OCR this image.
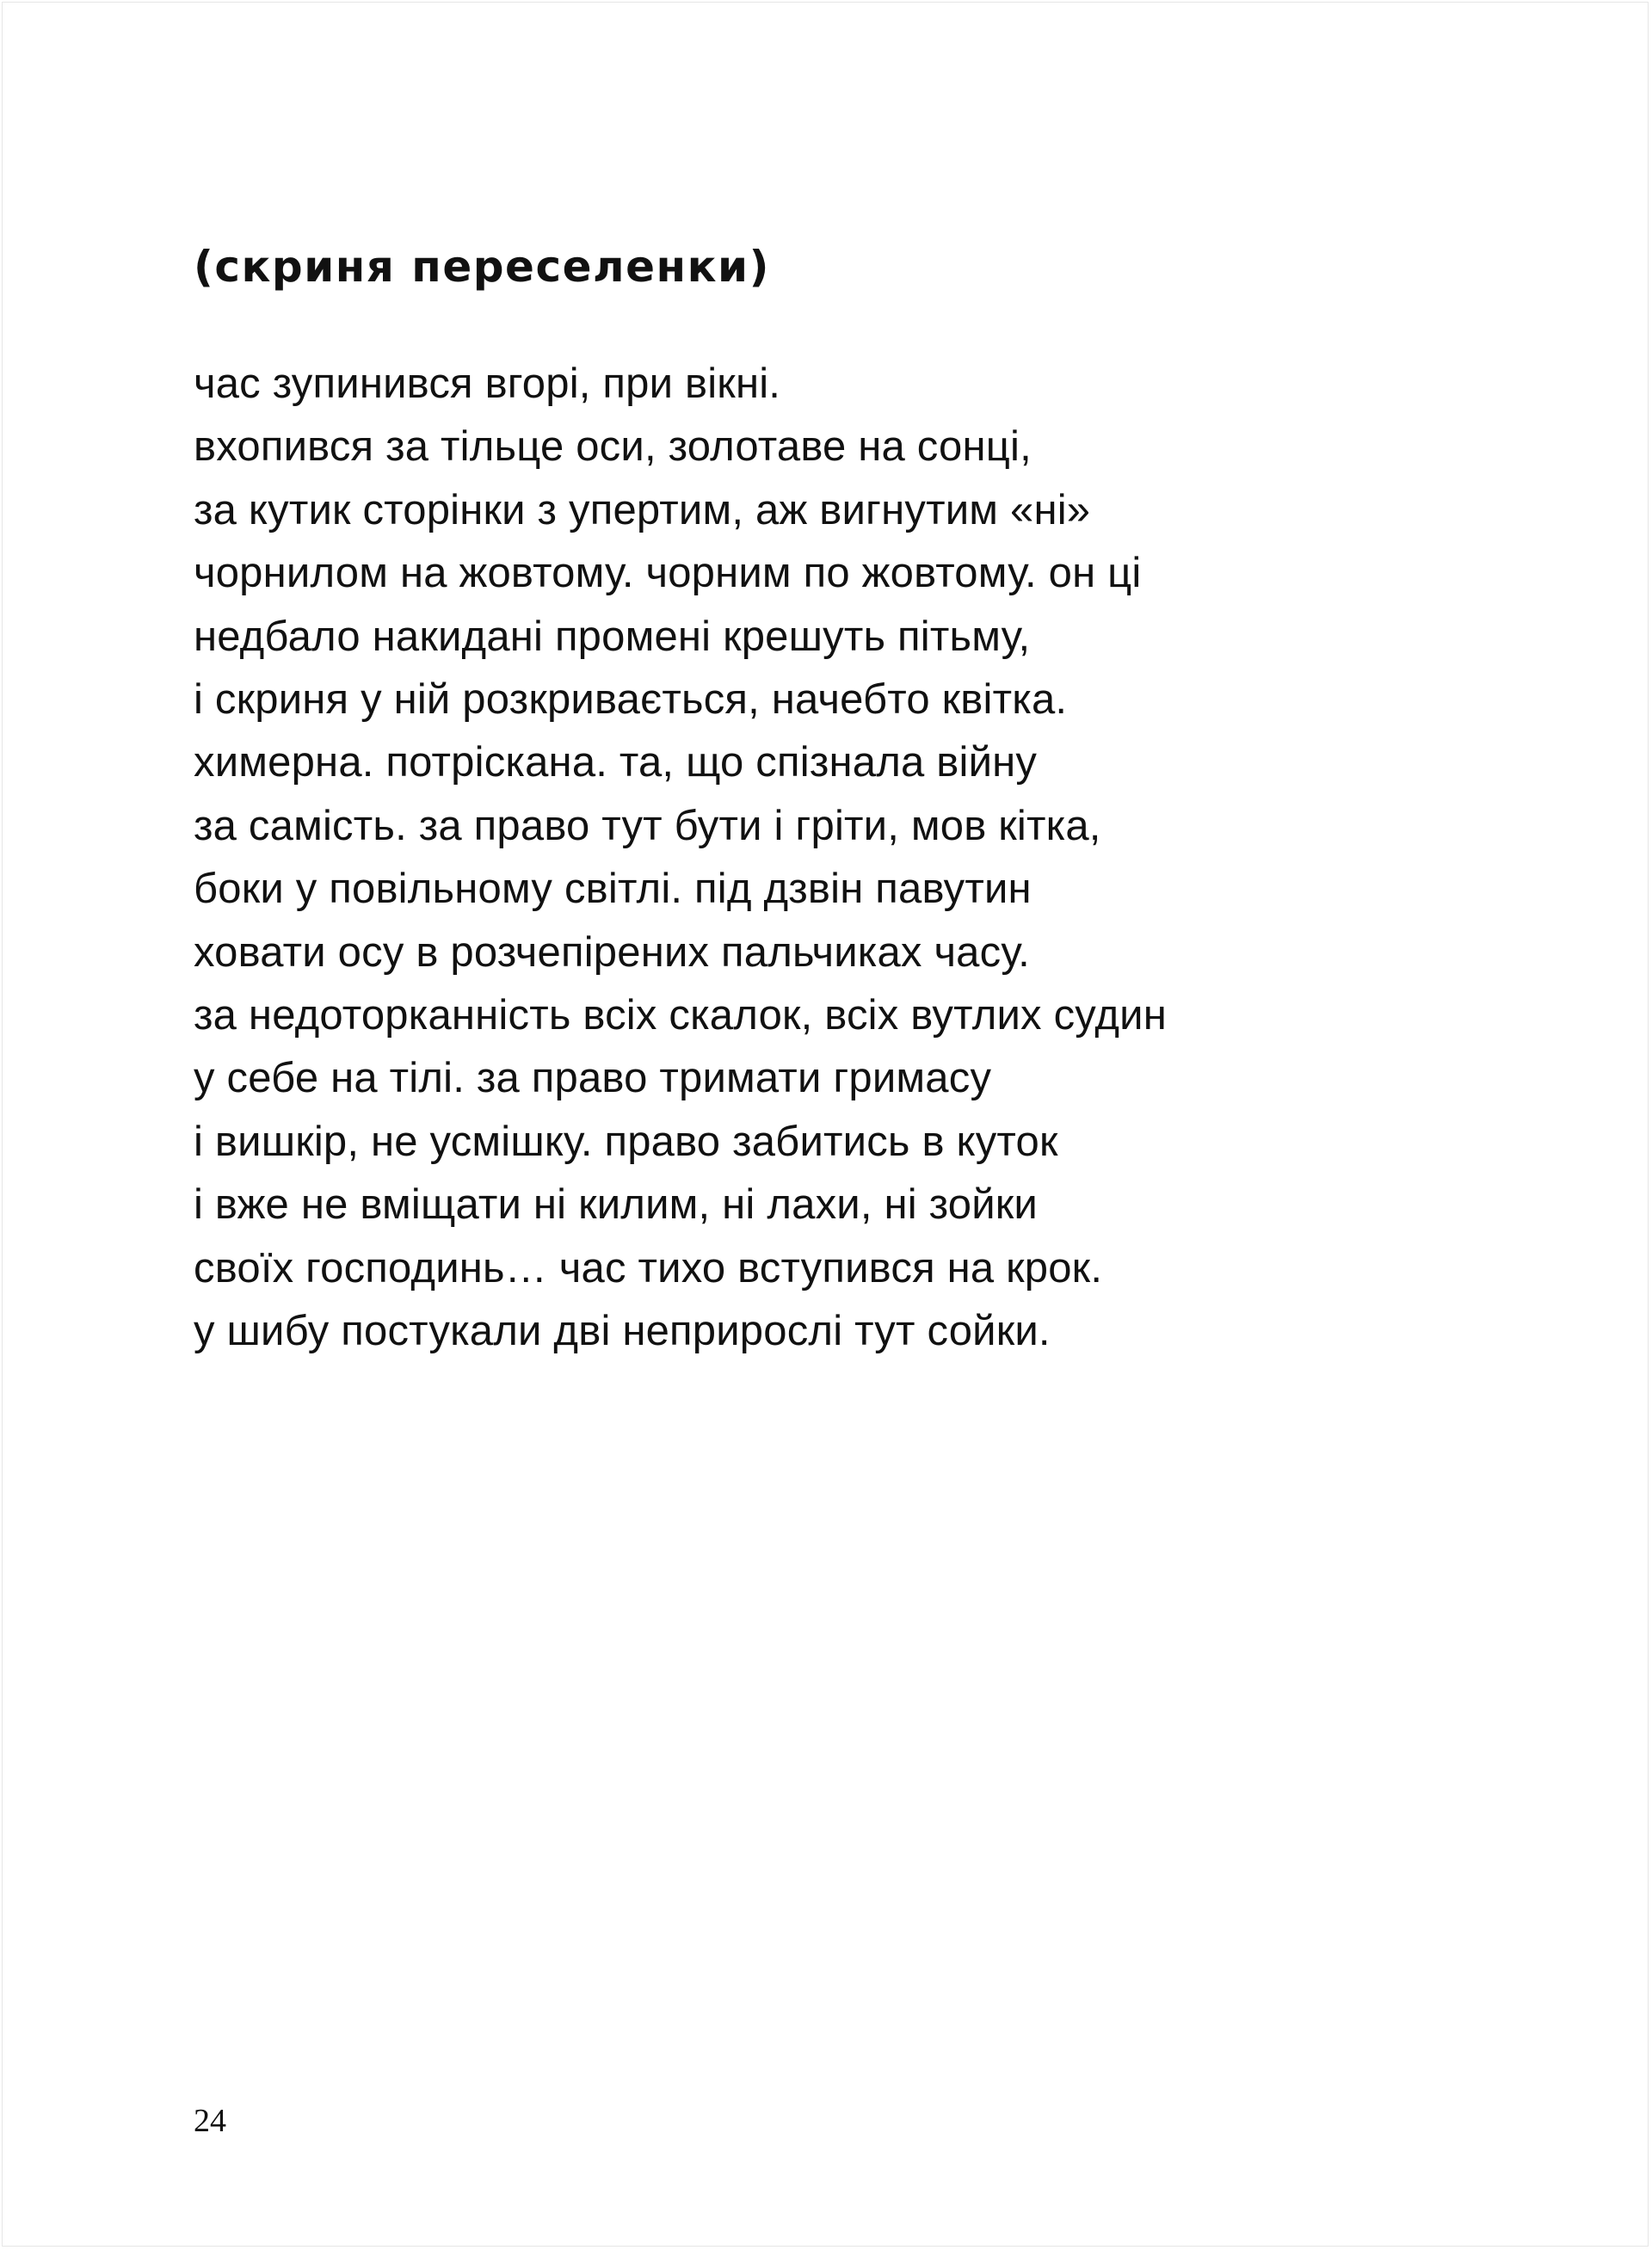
(скриня переселенки)
час зупинився вгорі, при вікні.
вхопився за тільце оси, золотаве на сонці,
за кутик сторінки з упертим, аж вигнутим «ні»
чорнилом на жовтому. чорним по жовтому. он ці
недбало накидані промені крешуть пітьму,
і скриня у ній розкривається, начебто квітка.
химерна. потріскана. та, що спізнала війну
за самість. за право тут бути і гріти, мов кітка,
боки у повільному світлі. під дзвін павутин
ховати осу в розчепірених пальчиках часу.
за недоторканність всіх скалок, всіх вутлих судин
у себе на тілі. за право тримати гримасу
і вишкір, не усмішку. право забитись в куток
і вже не вміщати ні килим, ні лахи, ні зойки
своїх господинь… час тихо вступився на крок.
у шибу постукали дві неприрослі тут сойки.

24
